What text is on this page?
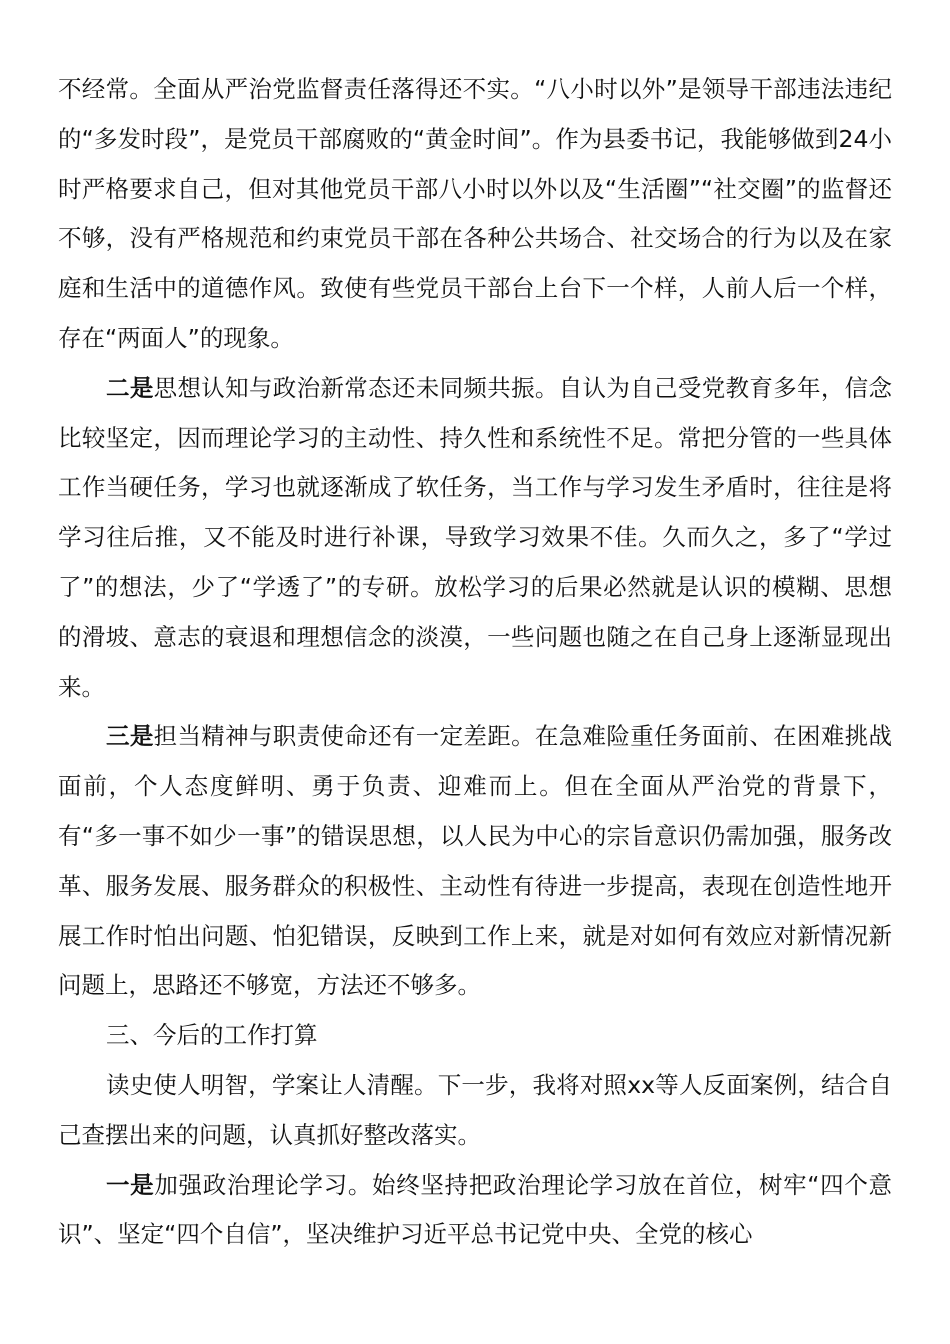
不经常。全面从严治党监督责任落得还不实。“八小时以外”是领导干部违法违纪的“多发时段”，是党员干部腐败的“黄金时间”。作为县委书记，我能够做到24小时严格要求自己，但对其他党员干部八小时以外以及“生活圈”“社交圈”的监督还不够，没有严格规范和约束党员干部在各种公共场合、社交场合的行为以及在家庭和生活中的道德作风。致使有些党员干部台上台下一个样，人前人后一个样，存在“两面人”的现象。

二是思想认知与政治新常态还未同频共振。自认为自己受党教育多年，信念比较坚定，因而理论学习的主动性、持久性和系统性不足。常把分管的一些具体工作当硬任务，学习也就逐渐成了软任务，当工作与学习发生矛盾时，往往是将学习往后推，又不能及时进行补课，导致学习效果不佳。久而久之，多了“学过了”的想法，少了“学透了”的专研。放松学习的后果必然就是认识的模糊、思想的滑坡、意志的衰退和理想信念的淡漠，一些问题也随之在自己身上逐渐显现出来。

三是担当精神与职责使命还有一定差距。在急难险重任务面前、在困难挑战面前，个人态度鲜明、勇于负责、迎难而上。但在全面从严治党的背景下，有“多一事不如少一事”的错误思想，以人民为中心的宗旨意识仍需加强，服务改革、服务发展、服务群众的积极性、主动性有待进一步提高，表现在创造性地开展工作时怕出问题、怕犯错误，反映到工作上来，就是对如何有效应对新情况新问题上，思路还不够宽，方法还不够多。

三、今后的工作打算

读史使人明智，学案让人清醒。下一步，我将对照xx等人反面案例，结合自己查摆出来的问题，认真抓好整改落实。

一是加强政治理论学习。始终坚持把政治理论学习放在首位，树牢“四个意识”、坚定“四个自信”，坚决维护习近平总书记党中央、全党的核心
